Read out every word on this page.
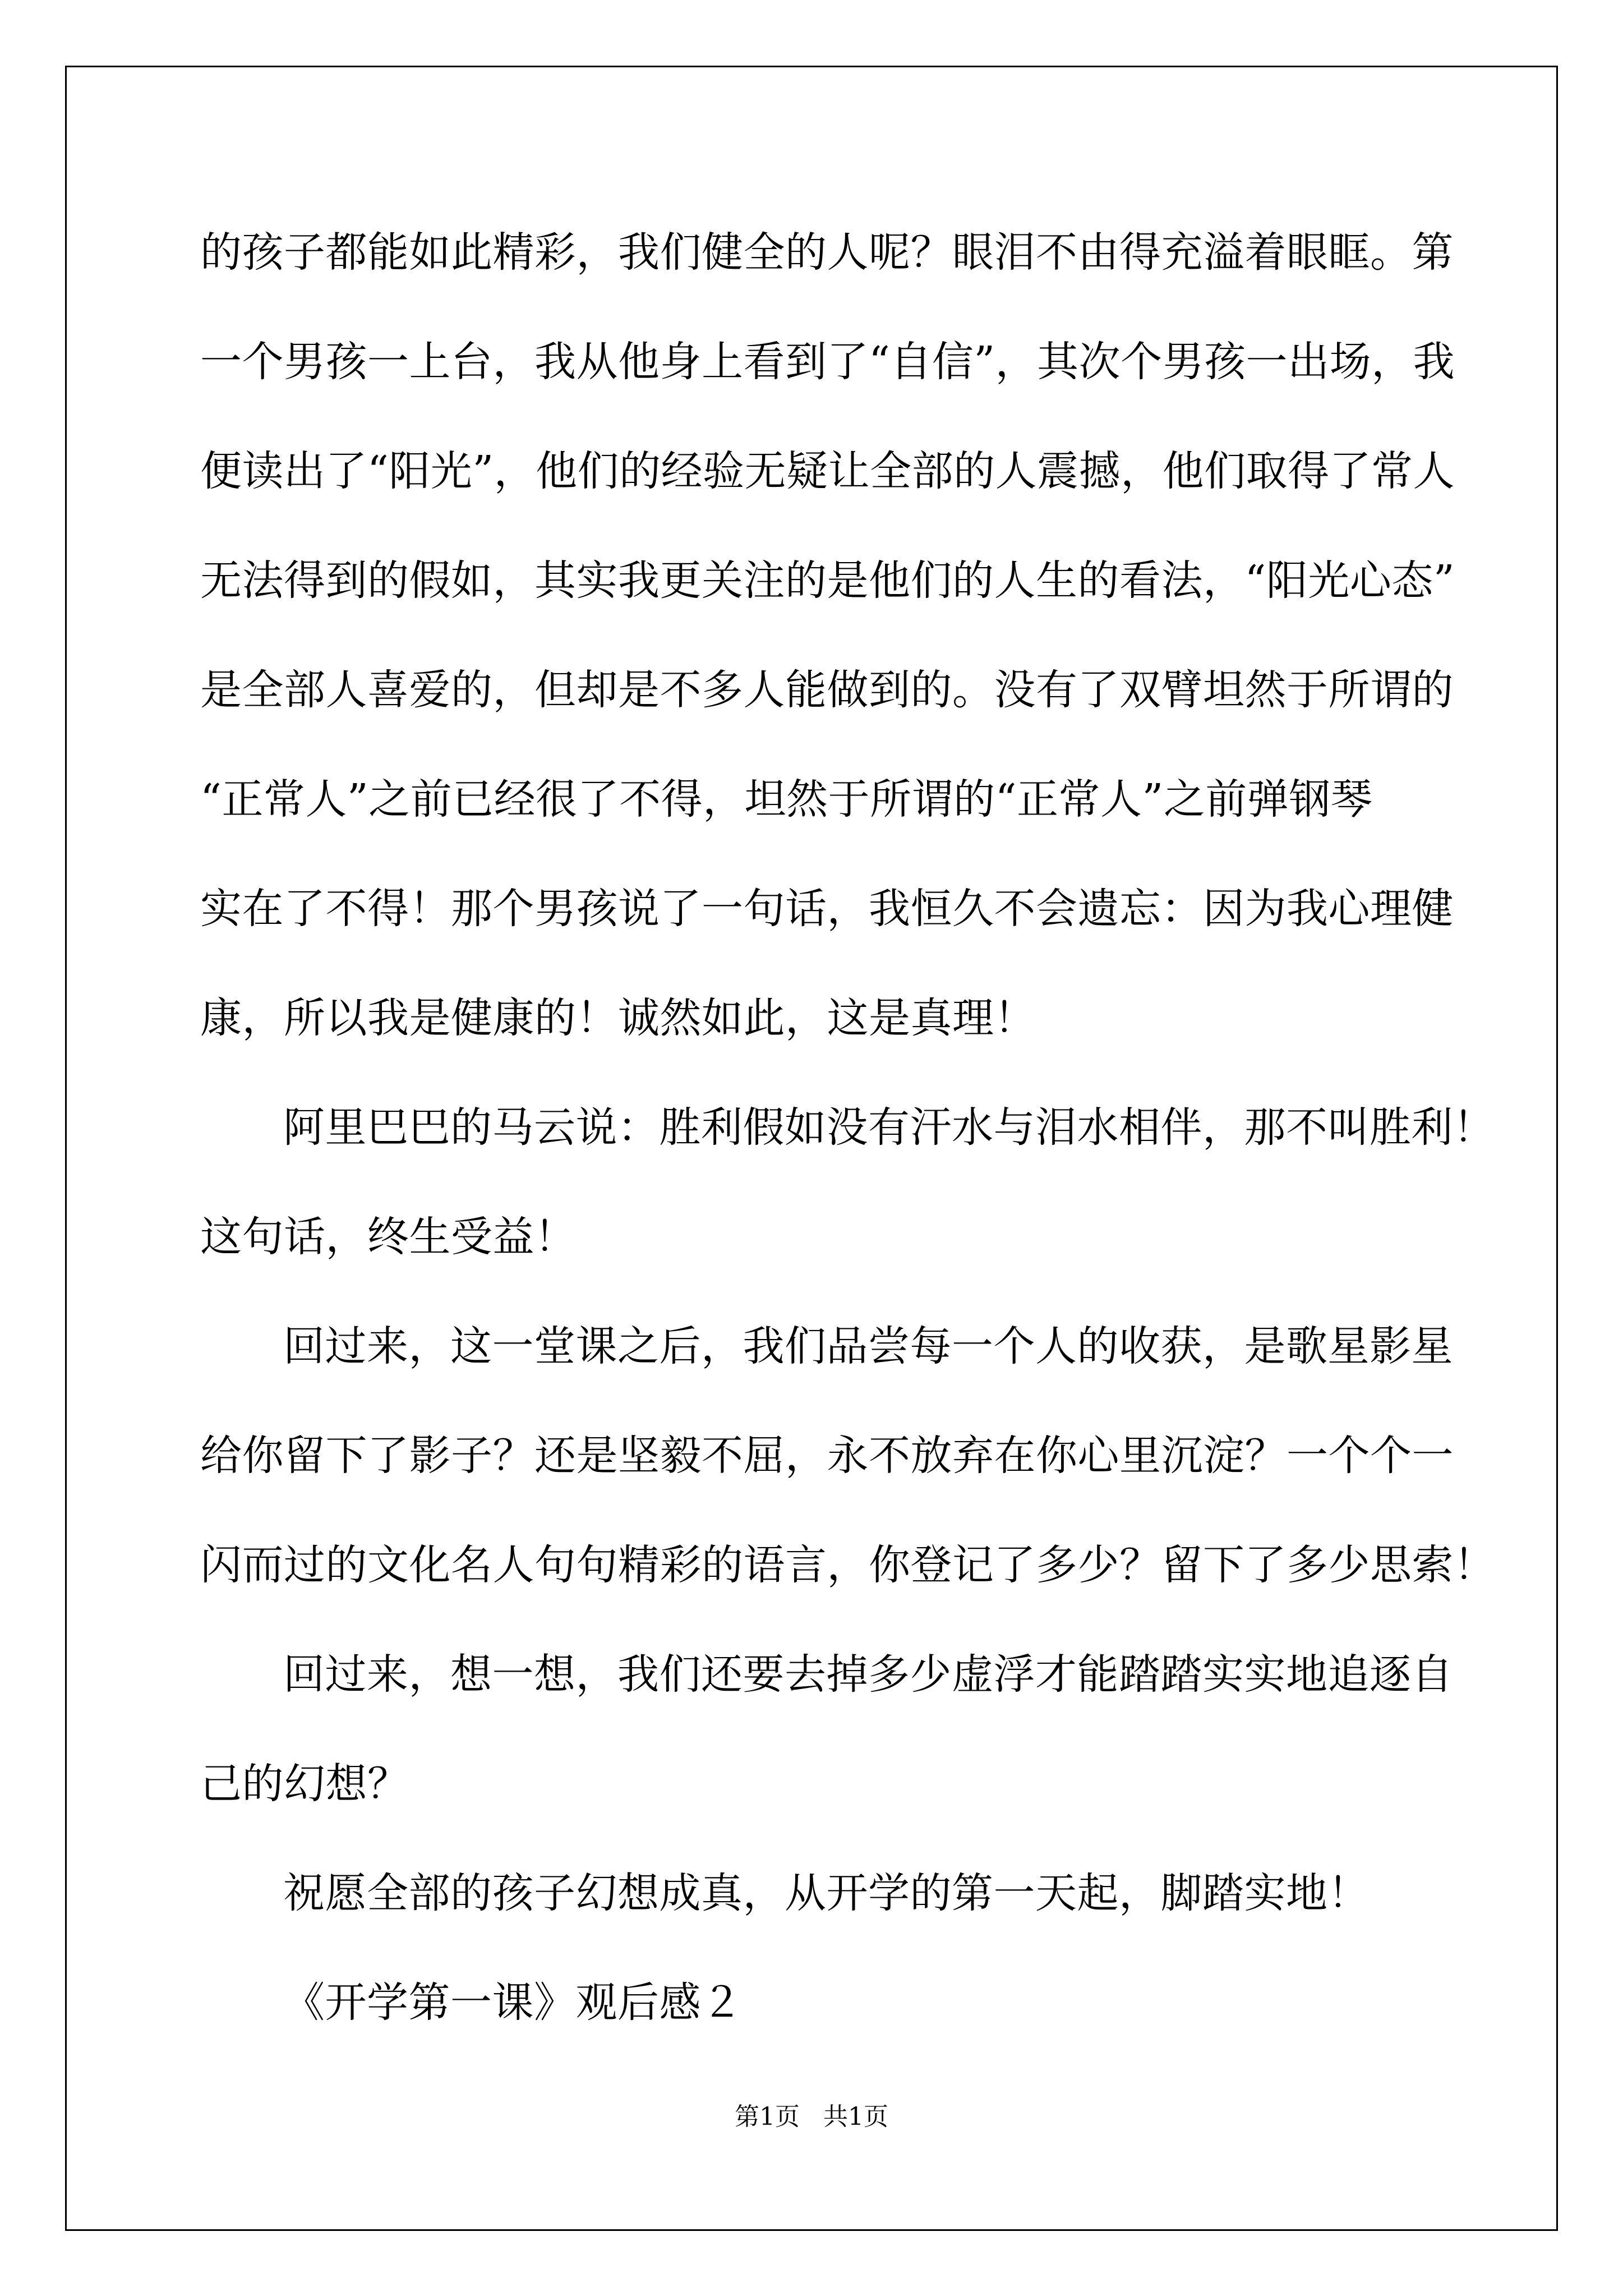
的孩子都能如此精彩，我们健全的人呢？眼泪不由得充溢着眼眶。第
一个男孩一上台，我从他身上看到了“自信”，其次个男孩一出场，我
便读出了“阳光”，他们的经验无疑让全部的人震撼，他们取得了常人
无法得到的假如，其实我更关注的是他们的人生的看法，“阳光心态”
是全部人喜爱的，但却是不多人能做到的。没有了双臂坦然于所谓的
“正常人”之前已经很了不得，坦然于所谓的“正常人”之前弹钢琴
实在了不得！那个男孩说了一句话，我恒久不会遗忘：因为我心理健
康，所以我是健康的！诚然如此，这是真理！
阿里巴巴的马云说：胜利假如没有汗水与泪水相伴，那不叫胜利！
这句话，终生受益！
回过来，这一堂课之后，我们品尝每一个人的收获，是歌星影星
给你留下了影子？还是坚毅不屈，永不放弃在你心里沉淀？一个个一
闪而过的文化名人句句精彩的语言，你登记了多少？留下了多少思索！
回过来，想一想，我们还要去掉多少虚浮才能踏踏实实地追逐自
己的幻想？
祝愿全部的孩子幻想成真，从开学的第一天起，脚踏实地！
《开学第一课》观后感２
第1页 共1页
